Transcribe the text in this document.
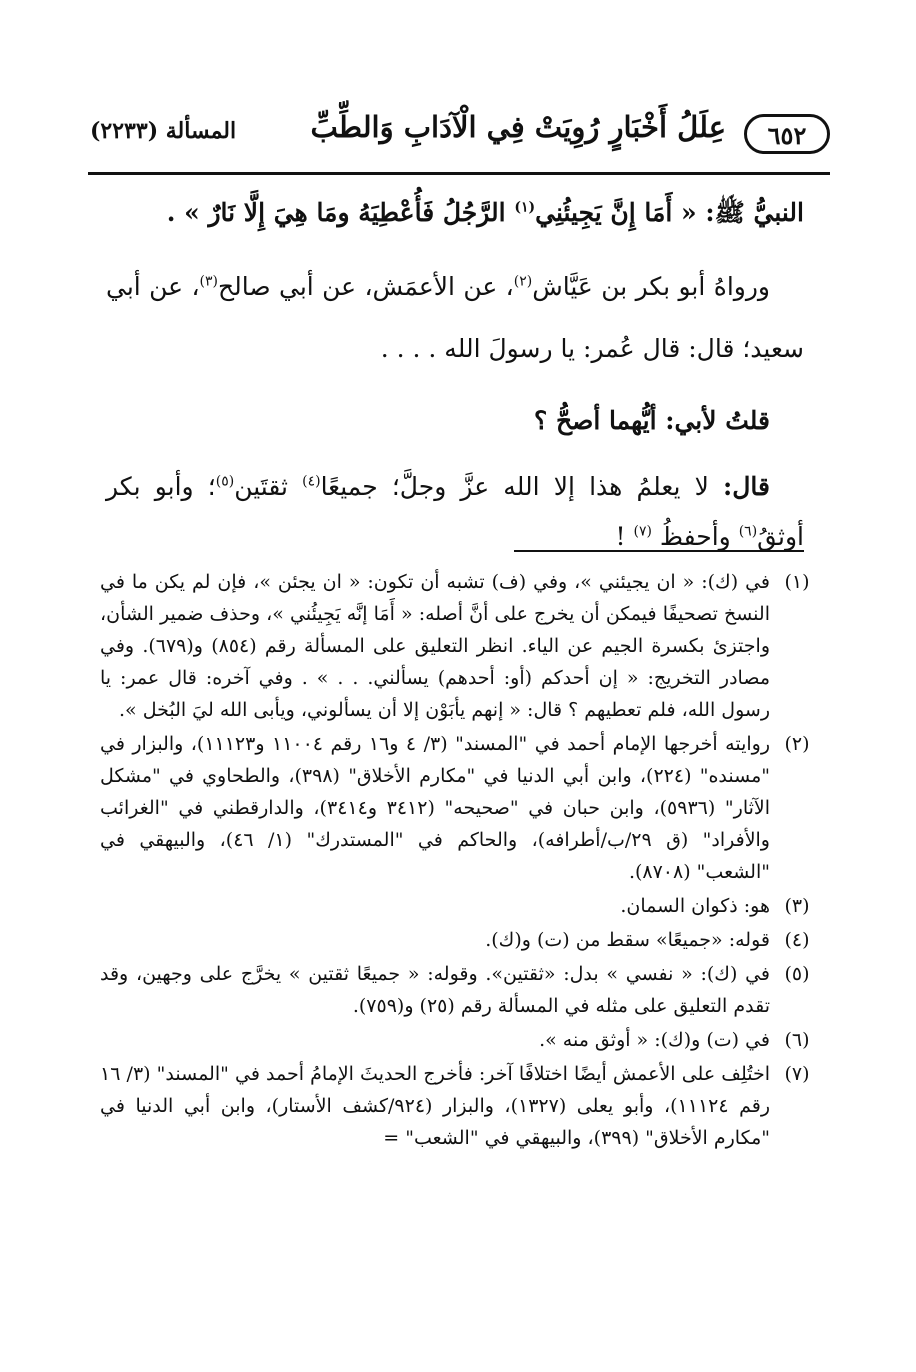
٦٥٢
عِلَلُ أَخْبَارٍ رُوِيَتْ فِي الْآدَابِ وَالطِّبِّ
المسألة (٢٢٣٣)

النبيُّ ﷺ: « أَمَا إِنَّ يَجِيئُنِي$^{(١)}$ الرَّجُلُ فَأُعْطِيَهُ ومَا هِيَ إِلَّا نَارٌ » .

ورواهُ أبو بكر بن عَيَّاش$^{(٢)}$، عن الأعمَش، عن أبي صالح$^{(٣)}$، عن أبي سعيد؛ قال: قال عُمر: يا رسولَ الله . . . .

قلتُ لأبي: أيُّهما أصحُّ ؟

قال: لا يعلمُ هذا إلا الله عزَّ وجلَّ؛ جميعًا$^{(٤)}$ ثقتَين$^{(٥)}$؛ وأبو بكر أوثقُ$^{(٦)}$ وأحفظُ $^{(٧)}$ !

(١)
في (ك): « ان يجيئني »، وفي (ف) تشبه أن تكون: « ان يجئن »، فإن لم يكن ما في النسخ تصحيفًا فيمكن أن يخرج على أنَّ أصله: « أَمَا إنَّه يَجِيئُني »، وحذف ضمير الشأن، واجتزئ بكسرة الجيم عن الياء. انظر التعليق على المسألة رقم (٨٥٤) و(٦٧٩). وفي مصادر التخريج: « إن أحدكم (أو: أحدهم) يسألني. . . » . وفي آخره: قال عمر: يا رسول الله، فلم تعطيهم ؟ قال: « إنهم يأبَوْن إلا أن يسألوني، ويأبى الله ليَ البُخل ».
(٢)
روايته أخرجها الإمام أحمد في "المسند" (٣/ ٤ و١٦ رقم ١١٠٠٤ و١١١٢٣)، والبزار في "مسنده" (٢٢٤)، وابن أبي الدنيا في "مكارم الأخلاق" (٣٩٨)، والطحاوي في "مشكل الآثار" (٥٩٣٦)، وابن حبان في "صحيحه" (٣٤١٢ و٣٤١٤)، والدارقطني في "الغرائب والأفراد" (ق ٢٩/ب/أطرافه)، والحاكم في "المستدرك" (١/ ٤٦)، والبيهقي في "الشعب" (٨٧٠٨).
(٣)
هو: ذكوان السمان.
(٤)
قوله: «جميعًا» سقط من (ت) و(ك).
(٥)
في (ك): « نفسي » بدل: «ثقتين». وقوله: « جميعًا ثقتين » يخرَّج على وجهين، وقد تقدم التعليق على مثله في المسألة رقم (٢٥) و(٧٥٩).
(٦)
في (ت) و(ك): « أوثق منه ».
(٧)
اختُلِف على الأعمش أيضًا اختلافًا آخر: فأخرج الحديثَ الإمامُ أحمد في "المسند" (٣/ ١٦ رقم ١١١٢٤)، وأبو يعلى (١٣٢٧)، والبزار (٩٢٤/كشف الأستار)، وابن أبي الدنيا في "مكارم الأخلاق" (٣٩٩)، والبيهقي في "الشعب" =
